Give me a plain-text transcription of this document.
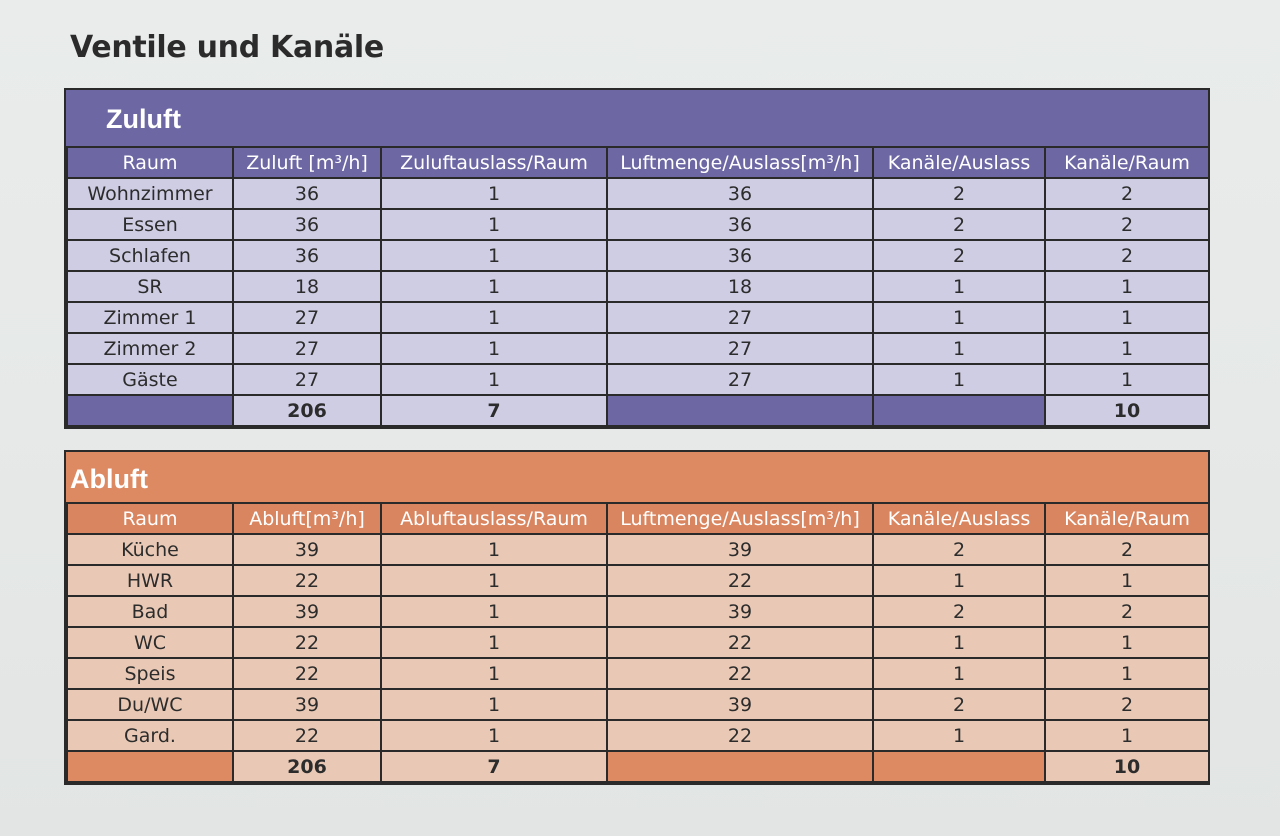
Ventile und Kanäle
Zuluft
Raum	Zuluft [m³/h]	Zuluftauslass/Raum	Luftmenge/Auslass[m³/h]	Kanäle/Auslass	Kanäle/Raum
Wohnzimmer	36	1	36	2	2
Essen	36	1	36	2	2
Schlafen	36	1	36	2	2
SR	18	1	18	1	1
Zimmer 1	27	1	27	1	1
Zimmer 2	27	1	27	1	1
Gäste	27	1	27	1	1
	206	7			10
Abluft
Raum	Abluft[m³/h]	Abluftauslass/Raum	Luftmenge/Auslass[m³/h]	Kanäle/Auslass	Kanäle/Raum
Küche	39	1	39	2	2
HWR	22	1	22	1	1
Bad	39	1	39	2	2
WC	22	1	22	1	1
Speis	22	1	22	1	1
Du/WC	39	1	39	2	2
Gard.	22	1	22	1	1
	206	7			10
